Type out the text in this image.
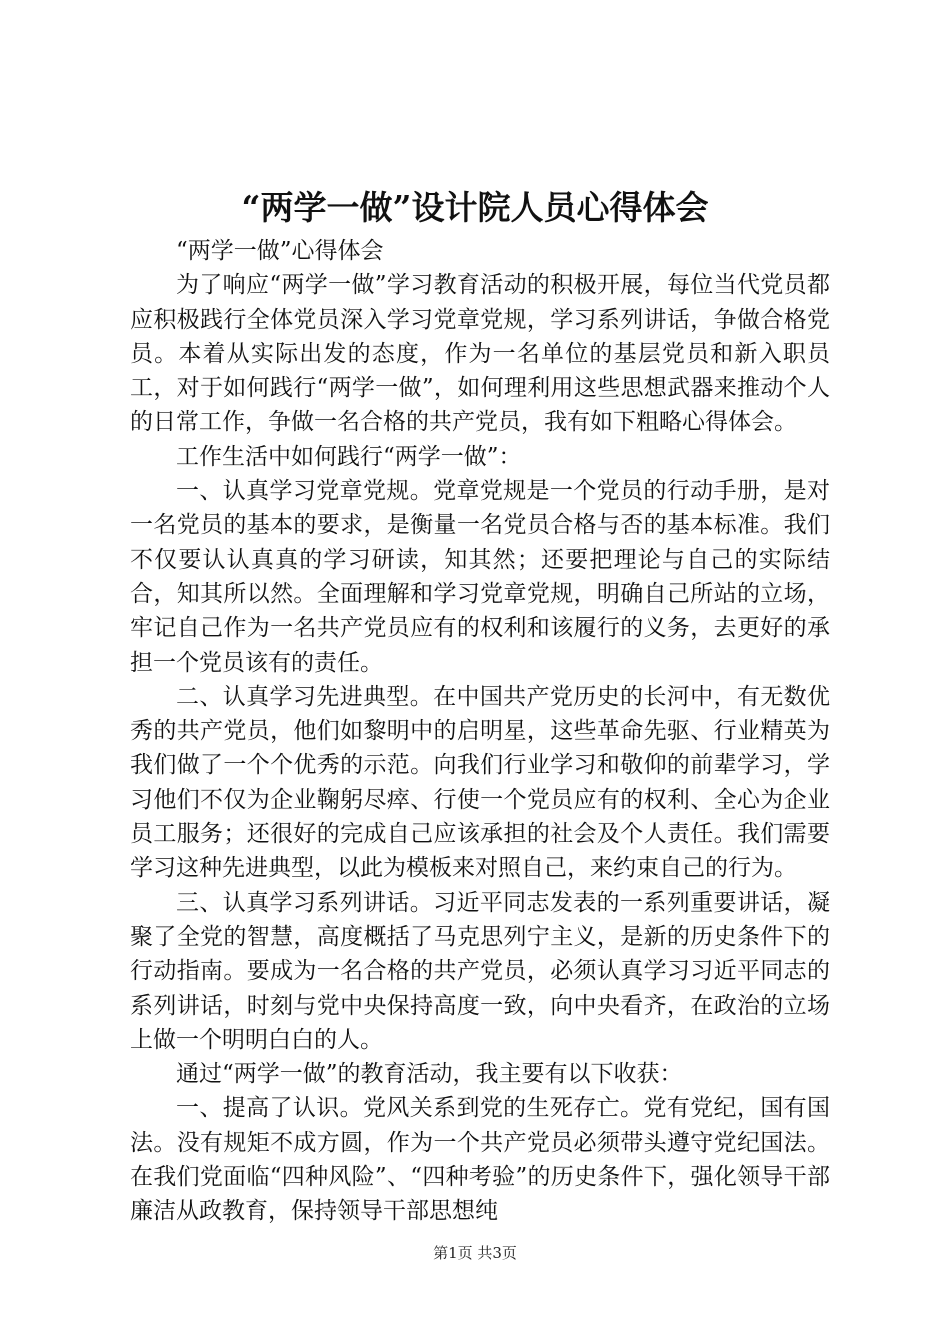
“两学一做”设计院人员心得体会

“两学一做”心得体会

为了响应“两学一做”学习教育活动的积极开展，每位当代党员都应积极践行全体党员深入学习党章党规，学习系列讲话，争做合格党员。本着从实际出发的态度，作为一名单位的基层党员和新入职员工，对于如何践行“两学一做”，如何理利用这些思想武器来推动个人的日常工作，争做一名合格的共产党员，我有如下粗略心得体会。

工作生活中如何践行“两学一做”：

一、认真学习党章党规。党章党规是一个党员的行动手册，是对一名党员的基本的要求，是衡量一名党员合格与否的基本标准。我们不仅要认认真真的学习研读，知其然；还要把理论与自己的实际结合，知其所以然。全面理解和学习党章党规，明确自己所站的立场，牢记自己作为一名共产党员应有的权利和该履行的义务，去更好的承担一个党员该有的责任。

二、认真学习先进典型。在中国共产党历史的长河中，有无数优秀的共产党员，他们如黎明中的启明星，这些革命先驱、行业精英为我们做了一个个优秀的示范。向我们行业学习和敬仰的前辈学习，学习他们不仅为企业鞠躬尽瘁、行使一个党员应有的权利、全心为企业员工服务；还很好的完成自己应该承担的社会及个人责任。我们需要学习这种先进典型，以此为模板来对照自己，来约束自己的行为。

三、认真学习系列讲话。习近平同志发表的一系列重要讲话，凝聚了全党的智慧，高度概括了马克思列宁主义，是新的历史条件下的行动指南。要成为一名合格的共产党员，必须认真学习习近平同志的系列讲话，时刻与党中央保持高度一致，向中央看齐，在政治的立场上做一个明明白白的人。

通过“两学一做”的教育活动，我主要有以下收获：

一、提高了认识。党风关系到党的生死存亡。党有党纪，国有国法。没有规矩不成方圆，作为一个共产党员必须带头遵守党纪国法。在我们党面临“四种风险”、“四种考验”的历史条件下，强化领导干部廉洁从政教育，保持领导干部思想纯

第1页 共3页
